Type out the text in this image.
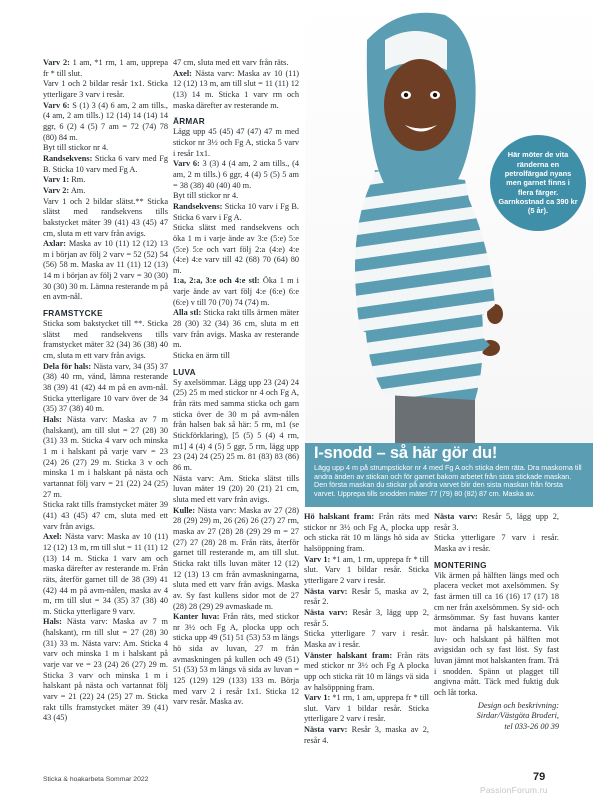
Varv 2: 1 am, *1 rm, 1 am, upprepa fr * till slut.

Varv 1 och 2 bildar resår 1x1. Sticka ytterligare 3 varv i resår.

Varv 6: S (1) 3 (4) 6 am, 2 am tills., (4 am, 2 am tills.) 12 (14) 14 (14) 14 ggr, 6 (2) 4 (5) 7 am = 72 (74) 78 (80) 84 m.

Byt till stickor nr 4.

Randsekvens: Sticka 6 varv med Fg B. Sticka 10 varv med Fg A.

Varv 1: Rm.

Varv 2: Am.

Varv 1 och 2 bildar slätst.** Sticka slätst med randsekvens tills bakstycket mäter 39 (41) 43 (45) 47 cm, sluta m ett varv från avigs.

Axlar: Maska av 10 (11) 12 (12) 13 m i början av följ 2 varv = 52 (52) 54 (56) 58 m. Maska av 11 (11) 12 (13) 14 m i början av följ 2 varv = 30 (30) 30 (30) 30 m. Lämna resterande m på en avm-nål.

FRAMSTYCKE

Sticka som bakstycket till **. Sticka slätst med randsekvens tills framstycket mäter 32 (34) 36 (38) 40 cm, sluta m ett varv från avigs.

Dela för hals: Nästa varv, 34 (35) 37 (38) 40 rm, vänd, lämna resterande 38 (39) 41 (42) 44 m på en avm-nål. Sticka ytterligare 10 varv över de 34 (35) 37 (38) 40 m.

Hals: Nästa varv: Maska av 7 m (halskant), am till slut = 27 (28) 30 (31) 33 m. Sticka 4 varv och minska 1 m i halskant på varje varv = 23 (24) 26 (27) 29 m. Sticka 3 v och minska 1 m i halskant på nästa och vartannat följ varv = 21 (22) 24 (25) 27 m.

Sticka rakt tills framstycket mäter 39 (41) 43 (45) 47 cm, sluta med ett varv från avigs.

Axel: Nästa varv: Maska av 10 (11) 12 (12) 13 m, rm till slut = 11 (11) 12 (13) 14 m. Sticka 1 varv am och maska därefter av resterande m. Från räts, återför garnet till de 38 (39) 41 (42) 44 m på avm-nålen, maska av 4 m, rm till slut = 34 (35) 37 (38) 40 m. Sticka ytterligare 9 varv.

Hals: Nästa varv: Maska av 7 m (halskant), rm till slut = 27 (28) 30 (31) 33 m. Nästa varv: Am. Sticka 4 varv och minska 1 m i halskant på varje var ve = 23 (24) 26 (27) 29 m. Sticka 3 varv och minska 1 m i halskant på nästa och vartannat följ varv = 21 (22) 24 (25) 27 m. Sticka rakt tills framstycket mäter 39 (41) 43 (45)

47 cm, sluta med ett varv från räts.

Axel: Nästa varv: Maska av 10 (11) 12 (12) 13 m, am till slut = 11 (11) 12 (13) 14 m. Sticka 1 varv rm och maska därefter av resterande m.

ÄRMAR

Lägg upp 45 (45) 47 (47) 47 m med stickor nr 3½ och Fg A, sticka 5 varv i resår 1x1.

Varv 6: 3 (3) 4 (4 am, 2 am tills., (4 am, 2 m tills.) 6 ggr, 4 (4) 5 (5) 5 am = 38 (38) 40 (40) 40 m.

Byt till stickor nr 4.

Randsekvens: Sticka 10 varv i Fg B. Sticka 6 varv i Fg A.

Sticka slätst med randsekvens och öka 1 m i varje ände av 3:e (5:e) 5:e (5:e) 5:e och vart följ 2:a (4:e) 4:e (4:e) 4:e varv till 42 (68) 70 (64) 80 m.

1:a, 2:a, 3:e och 4:e stl: Öka 1 m i varje ände av vart följ 4:e (6:e) 6:e (6:e) v till 70 (70) 74 (74) m.

Alla stl: Sticka rakt tills ärmen mäter 28 (30) 32 (34) 36 cm, sluta m ett varv från avigs. Maska av resterande m.

Sticka en ärm till

LUVA

Sy axelsömmar. Lägg upp 23 (24) 24 (25) 25 m med stickor nr 4 och Fg A, från räts med samma sticka och garn sticka över de 30 m på avm-nålen från halsen bak så här: 5 rm, m1 (se Stickförklaring), [5 (5) 5 (4) 4 rm, m1] 4 (4) 4 (5) 5 ggr, 5 rm, lägg upp 23 (24) 24 (25) 25 m. 81 (83) 83 (86) 86 m.

Nästa varv: Am. Sticka slätst tills luvan mäter 19 (20) 20 (21) 21 cm, sluta med ett varv från avigs.

Kulle: Nästa varv: Maska av 27 (28) 28 (29) 29) m, 26 (26) 26 (27) 27 rm, maska av 27 (28) 28 (29) 29 m = 27 (27) 27 (28) 28 m. Från räts, återför garnet till resterande m, am till slut. Sticka rakt tills luvan mäter 12 (12) 12 (13) 13 cm från avmaskningarna, sluta med ett varv från avigs. Maska av. Sy fast kullens sidor mot de 27 (28) 28 (29) 29 avmaskade m.

Kanter luva: Från räts, med stickor nr 3½ och Fg A, plocka upp och sticka upp 49 (51) 51 (53) 53 m längs hö sida av luvan, 27 m från avmaskningen på kullen och 49 (51) 51 (53) 53 m längs vä sida av luvan = 125 (129) 129 (133) 133 m. Börja med varv 2 i resår 1x1. Sticka 12 varv resår. Maska av.

Här möter de vita ränderna en petrolfärgad nyans men garnet finns i flera färger. Garnkostnad ca 390 kr (5 år).
I-snodd – så här gör du!
Lägg upp 4 m på strumpstickor nr 4 med Fg A och sticka dem räta. Dra maskorna till andra änden av stickan och för garnet bakom arbetet från sista stickade maskan. Den första maskan du stickar på andra varvet blir den sista maskan från första varvet. Upprepa tills snodden mäter 77 (79) 80 (82) 87 cm. Maska av.

Hö halskant fram: Från räts med stickor nr 3½ och Fg A, plocka upp och sticka rät 10 m längs hö sida av halsöppning fram.

Varv 1: *1 am, 1 rm, upprepa fr * till slut. Varv 1 bildar resår. Sticka ytterligare 2 varv i resår.

Nästa varv: Resår 5, maska av 2, resår 2.

Nästa varv: Resår 3, lägg upp 2, resår 5.

Sticka ytterligare 7 varv i resår. Maska av i resår.

Vänster halskant fram: Från räts med stickor nr 3½ och Fg A plocka upp och sticka rät 10 m längs vä sida av halsöppning fram.

Varv 1: *1 rm, 1 am, upprepa fr * till slut. Varv 1 bildar resår. Sticka ytterligare 2 varv i resår.

Nästa varv: Resår 3, maska av 2, resår 4.

Nästa varv: Resår 5, lägg upp 2, resår 3.

Sticka ytterligare 7 varv i resår. Maska av i resår.

MONTERING

Vik ärmen på hälften längs med och placera vecket mot axelsömmen. Sy fast ärmen till ca 16 (16) 17 (17) 18 cm ner från axelsömmen. Sy sid- och ärmsömmar. Sy fast huvans kanter mot ändarna på halskanterna. Vik luv- och halskant på hälften mot avigsidan och sy fast löst. Sy fast luvan jämnt mot halskanten fram. Trä i snodden. Spänn ut plagget till angivna mått. Täck med fuktig duk och låt torka.

Design och beskrivning:
Sirdar/Västgöta Broderi,
tel 033-26 00 39
Sticka & hoakarbeta Sommar 2022	79
PassionForum.ru
